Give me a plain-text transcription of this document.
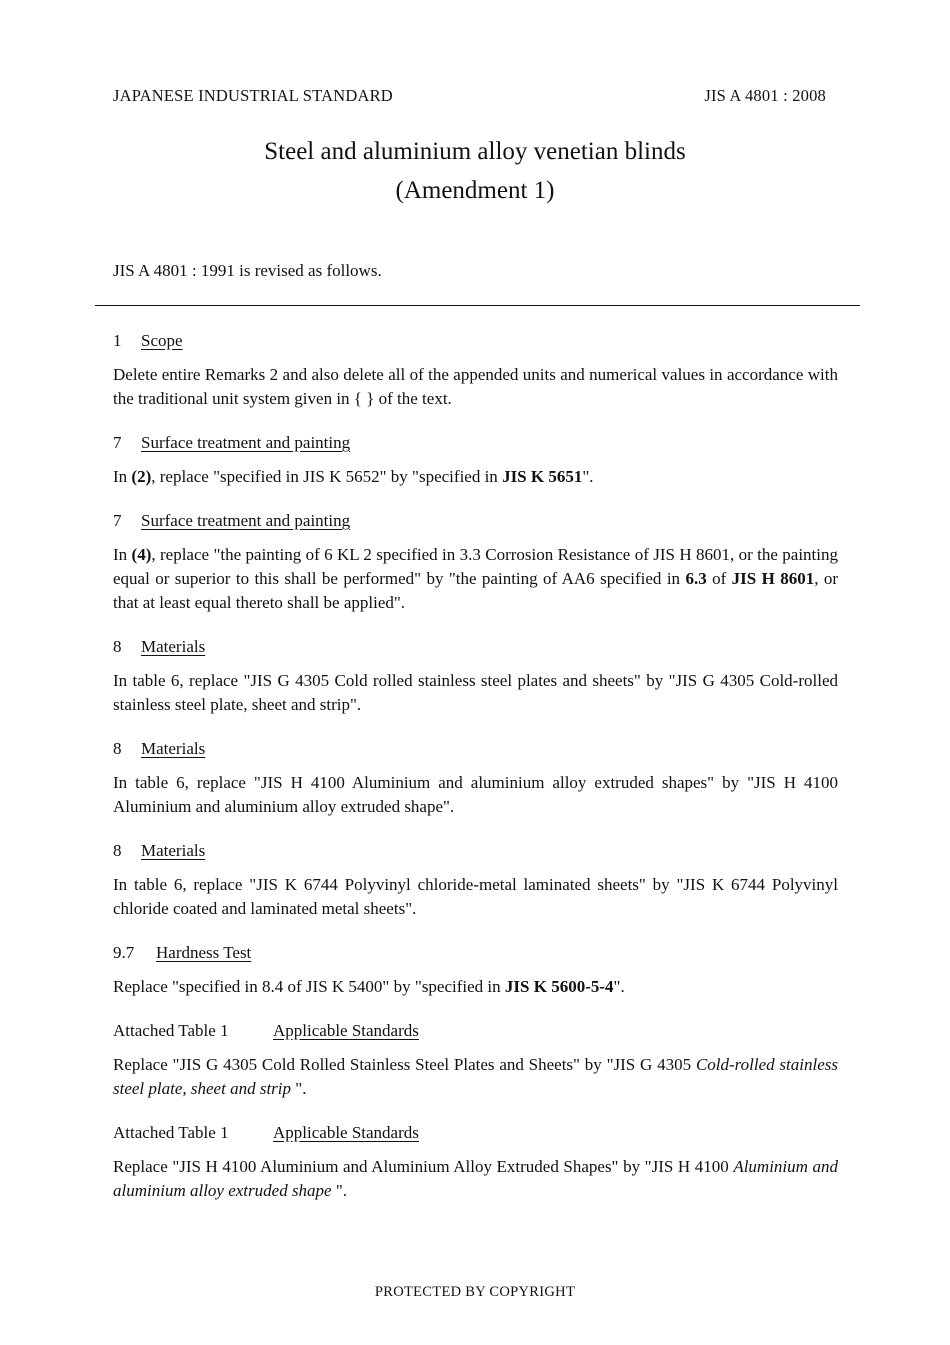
JAPANESE INDUSTRIAL STANDARD	JIS A 4801 : 2008
Steel and aluminium alloy venetian blinds
(Amendment 1)
JIS A 4801 : 1991 is revised as follows.
1 Scope

Delete entire Remarks 2 and also delete all of the appended units and numerical values in accordance with the traditional unit system given in { } of the text.

7 Surface treatment and painting

In (2), replace "specified in JIS K 5652" by "specified in JIS K 5651".

7 Surface treatment and painting

In (4), replace "the painting of 6 KL 2 specified in 3.3 Corrosion Resistance of JIS H 8601, or the painting equal or superior to this shall be performed" by "the painting of AA6 specified in 6.3 of JIS H 8601, or that at least equal thereto shall be applied".

8 Materials

In table 6, replace "JIS G 4305 Cold rolled stainless steel plates and sheets" by "JIS G 4305 Cold-rolled stainless steel plate, sheet and strip".

8 Materials

In table 6, replace "JIS H 4100 Aluminium and aluminium alloy extruded shapes" by "JIS H 4100 Aluminium and aluminium alloy extruded shape".

8 Materials

In table 6, replace "JIS K 6744 Polyvinyl chloride-metal laminated sheets" by "JIS K 6744 Polyvinyl chloride coated and laminated metal sheets".

9.7 Hardness Test

Replace "specified in 8.4 of JIS K 5400" by "specified in JIS K 5600-5-4".

Attached Table 1	Applicable Standards

Replace "JIS G 4305 Cold Rolled Stainless Steel Plates and Sheets" by "JIS G 4305 Cold-rolled stainless steel plate, sheet and strip ".

Attached Table 1	Applicable Standards

Replace "JIS H 4100 Aluminium and Aluminium Alloy Extruded Shapes" by "JIS H 4100 Aluminium and aluminium alloy extruded shape ".

PROTECTED BY COPYRIGHT
